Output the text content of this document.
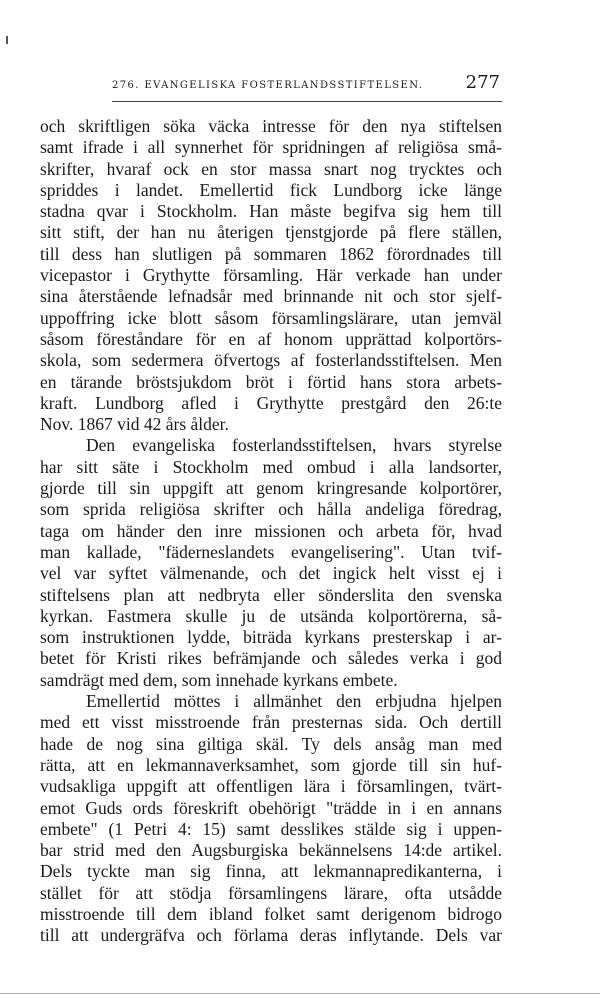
276. EVANGELISKA FOSTERLANDSSTIFTELSEN. 277
och skriftligen söka väcka intresse för den nya stiftelsen
samt ifrade i all synnerhet för spridningen af religiösa små-
skrifter, hvaraf ock en stor massa snart nog trycktes och
spriddes i landet. Emellertid fick Lundborg icke länge
stadna qvar i Stockholm. Han måste begifva sig hem till
sitt stift, der han nu återigen tjenstgjorde på flere ställen,
till dess han slutligen på sommaren 1862 förordnades till
vicepastor i Grythytte församling. Här verkade han under
sina återstående lefnadsår med brinnande nit och stor sjelf-
uppoffring icke blott såsom församlingslärare, utan jemväl
såsom föreståndare för en af honom upprättad kolportörs-
skola, som sedermera öfvertogs af fosterlandsstiftelsen. Men
en tärande bröstsjukdom bröt i förtid hans stora arbets-
kraft. Lundborg afled i Grythytte prestgård den 26:te
Nov. 1867 vid 42 års ålder.
Den evangeliska fosterlandsstiftelsen, hvars styrelse
har sitt säte i Stockholm med ombud i alla landsorter,
gjorde till sin uppgift att genom kringresande kolportörer,
som sprida religiösa skrifter och hålla andeliga föredrag,
taga om händer den inre missionen och arbeta för, hvad
man kallade, "fäderneslandets evangelisering". Utan tvif-
vel var syftet välmenande, och det ingick helt visst ej i
stiftelsens plan att nedbryta eller sönderslita den svenska
kyrkan. Fastmera skulle ju de utsända kolportörerna, så-
som instruktionen lydde, biträda kyrkans presterskap i ar-
betet för Kristi rikes befrämjande och således verka i god
samdrägt med dem, som innehade kyrkans embete.
Emellertid möttes i allmänhet den erbjudna hjelpen
med ett visst misstroende från presternas sida. Och dertill
hade de nog sina giltiga skäl. Ty dels ansåg man med
rätta, att en lekmannaverksamhet, som gjorde till sin huf-
vudsakliga uppgift att offentligen lära i församlingen, tvärt-
emot Guds ords föreskrift obehörigt "trädde in i en annans
embete" (1 Petri 4: 15) samt desslikes stälde sig i uppen-
bar strid med den Augsburgiska bekännelsens 14:de artikel.
Dels tyckte man sig finna, att lekmannapredikanterna, i
stället för att stödja församlingens lärare, ofta utsådde
misstroende till dem ibland folket samt derigenom bidrogo
till att undergräfva och förlama deras inflytande. Dels var
